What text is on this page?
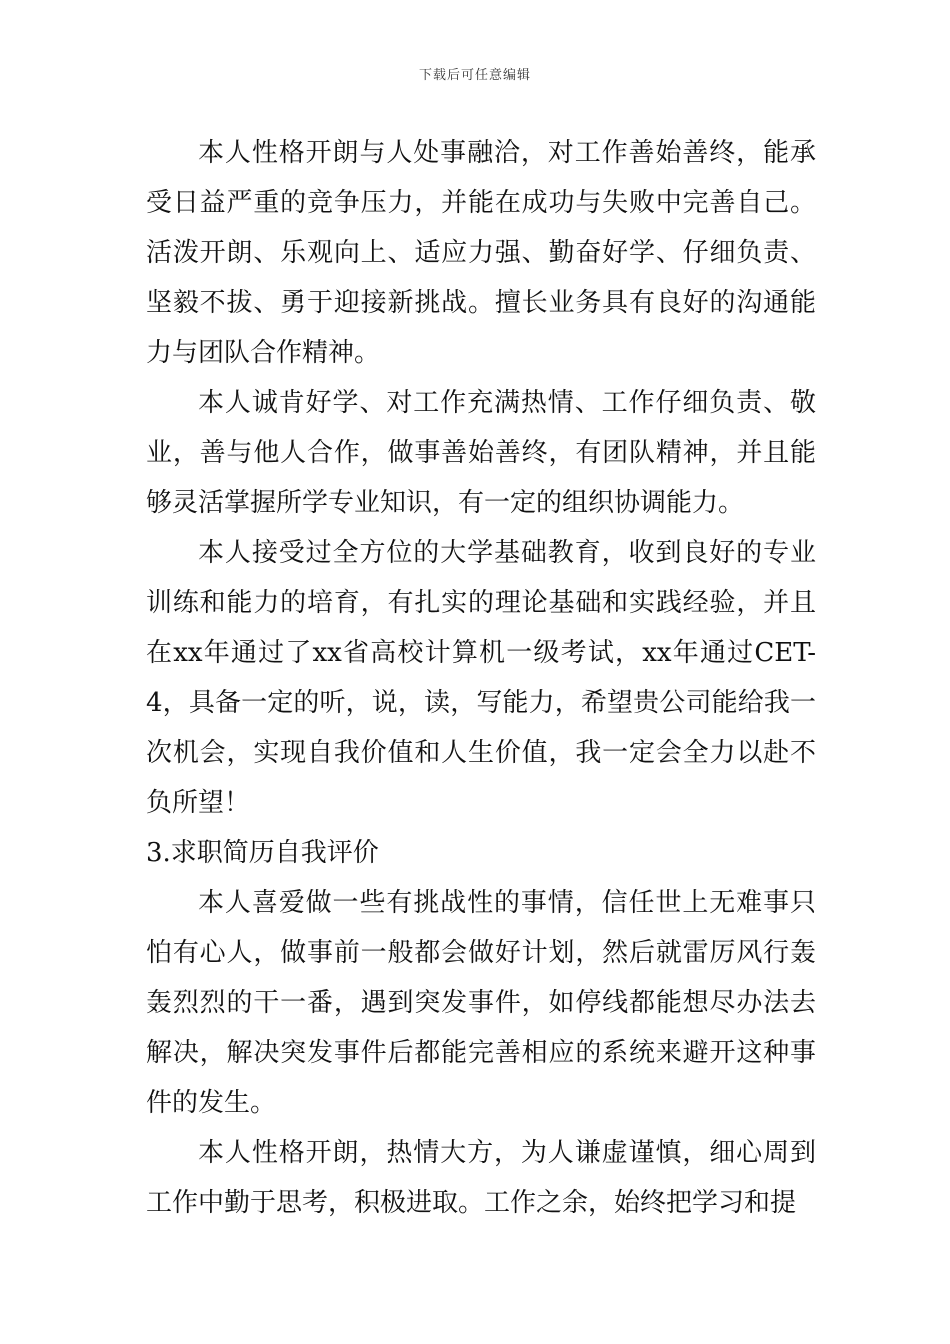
下载后可任意编辑

本人性格开朗与人处事融洽，对工作善始善终，能承受日益严重的竞争压力，并能在成功与失败中完善自己。活泼开朗、乐观向上、适应力强、勤奋好学、仔细负责、坚毅不拔、勇于迎接新挑战。擅长业务具有良好的沟通能力与团队合作精神。

本人诚肯好学、对工作充满热情、工作仔细负责、敬业，善与他人合作，做事善始善终，有团队精神，并且能够灵活掌握所学专业知识，有一定的组织协调能力。

本人接受过全方位的大学基础教育，收到良好的专业训练和能力的培育，有扎实的理论基础和实践经验，并且在xx年通过了xx省高校计算机一级考试，xx年通过CET-4，具备一定的听，说，读，写能力，希望贵公司能给我一次机会，实现自我价值和人生价值，我一定会全力以赴不负所望！

3.求职简历自我评价

本人喜爱做一些有挑战性的事情，信任世上无难事只怕有心人，做事前一般都会做好计划，然后就雷厉风行轰轰烈烈的干一番，遇到突发事件，如停线都能想尽办法去解决，解决突发事件后都能完善相应的系统来避开这种事件的发生。

本人性格开朗，热情大方，为人谦虚谨慎，细心周到工作中勤于思考，积极进取。工作之余，始终把学习和提
